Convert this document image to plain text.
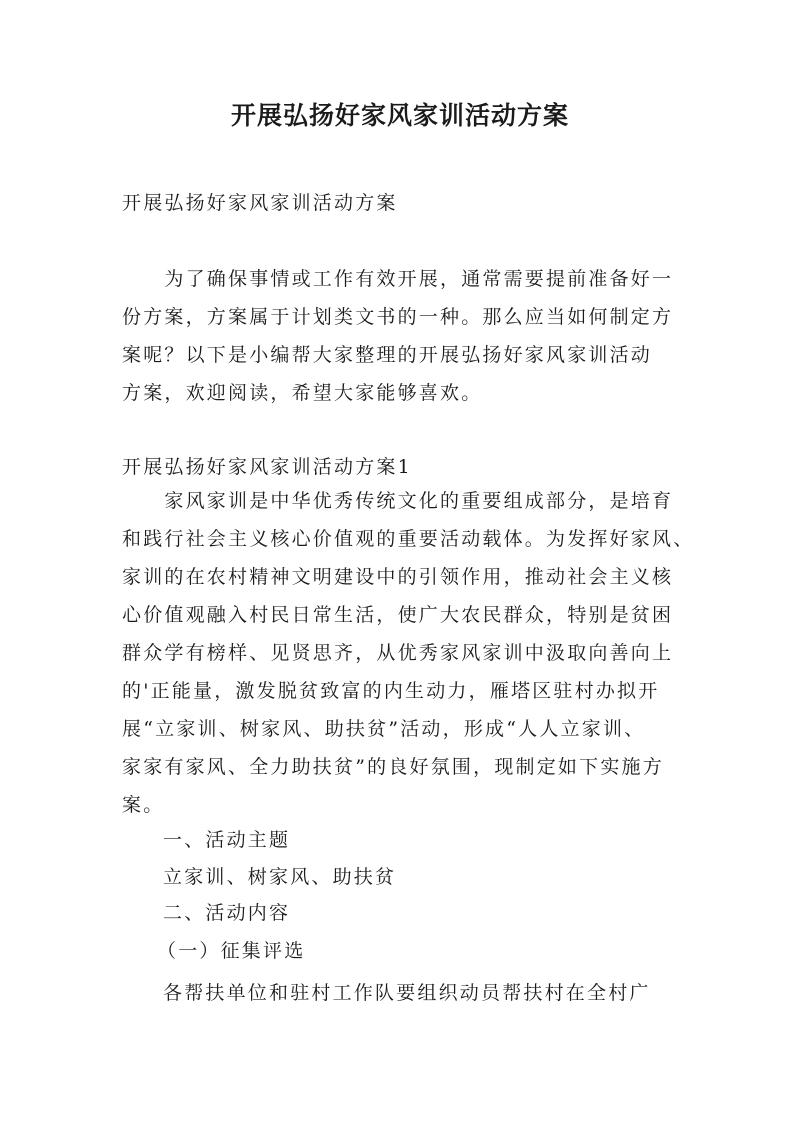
开展弘扬好家风家训活动方案
开展弘扬好家风家训活动方案
　　为了确保事情或工作有效开展，通常需要提前准备好一
份方案，方案属于计划类文书的一种。那么应当如何制定方
案呢？以下是小编帮大家整理的开展弘扬好家风家训活动
方案，欢迎阅读，希望大家能够喜欢。
开展弘扬好家风家训活动方案1
　　家风家训是中华优秀传统文化的重要组成部分，是培育
和践行社会主义核心价值观的重要活动载体。为发挥好家风、
家训的在农村精神文明建设中的引领作用，推动社会主义核
心价值观融入村民日常生活，使广大农民群众，特别是贫困
群众学有榜样、见贤思齐，从优秀家风家训中汲取向善向上
的'正能量，激发脱贫致富的内生动力，雁塔区驻村办拟开
展“立家训、树家风、助扶贫”活动，形成“人人立家训、
家家有家风、全力助扶贫”的良好氛围，现制定如下实施方
案。
一、活动主题
立家训、树家风、助扶贫
二、活动内容
（一）征集评选
各帮扶单位和驻村工作队要组织动员帮扶村在全村广
